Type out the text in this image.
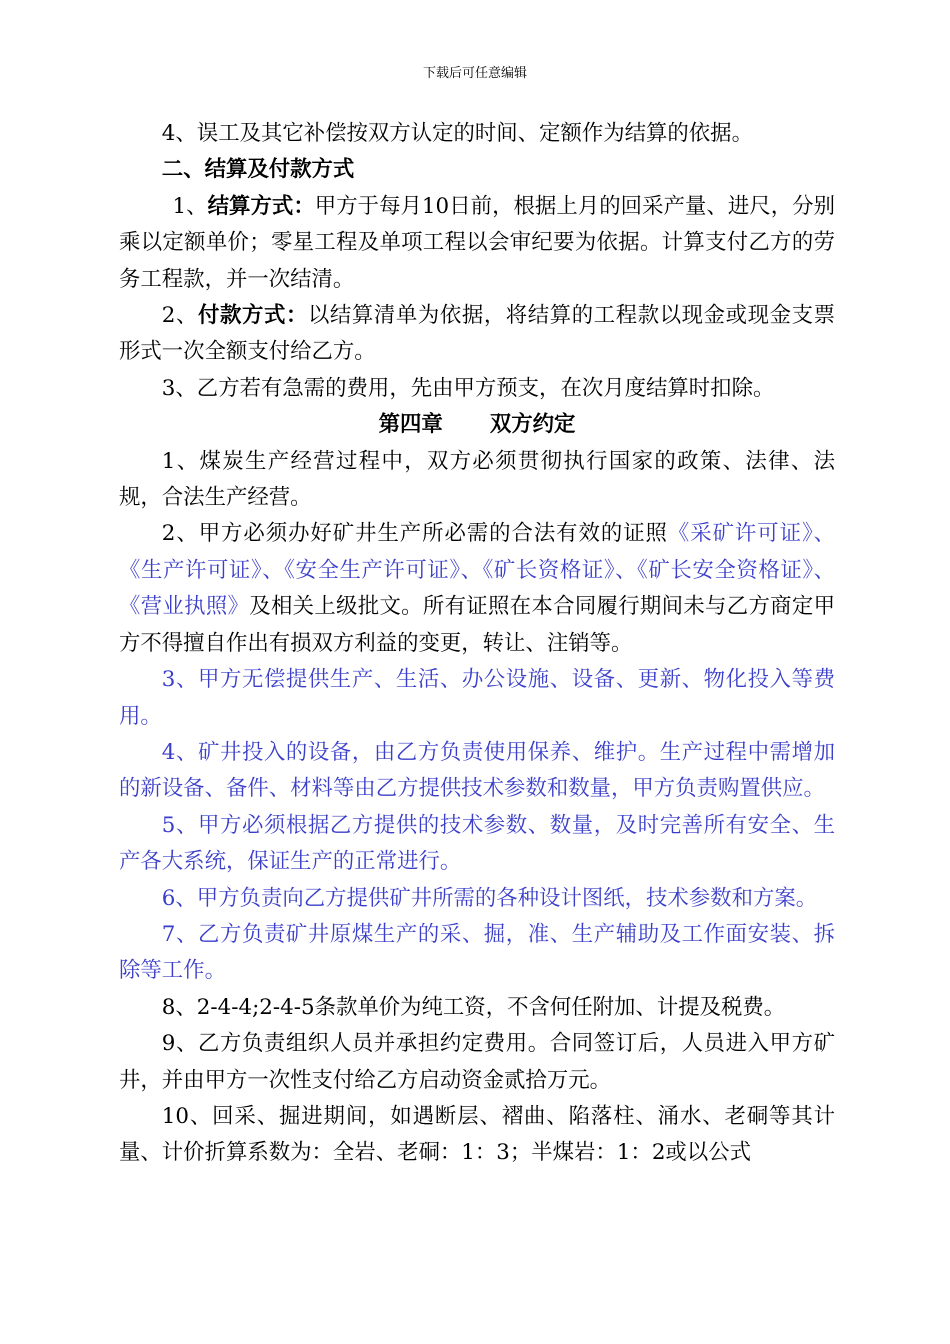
下载后可任意编辑

4、误工及其它补偿按双方认定的时间、定额作为结算的依据。

二、结算及付款方式

1、结算方式：甲方于每月10日前，根据上月的回采产量、进尺，分别乘以定额单价；零星工程及单项工程以会审纪要为依据。计算支付乙方的劳务工程款，并一次结清。

2、付款方式：以结算清单为依据，将结算的工程款以现金或现金支票形式一次全额支付给乙方。

3、乙方若有急需的费用，先由甲方预支，在次月度结算时扣除。

第四章 双方约定

1、煤炭生产经营过程中，双方必须贯彻执行国家的政策、法律、法规，合法生产经营。

2、甲方必须办好矿井生产所必需的合法有效的证照《采矿许可证》、《生产许可证》、《安全生产许可证》、《矿长资格证》、《矿长安全资格证》、《营业执照》及相关上级批文。所有证照在本合同履行期间未与乙方商定甲方不得擅自作出有损双方利益的变更，转让、注销等。

3、甲方无偿提供生产、生活、办公设施、设备、更新、物化投入等费用。

4、矿井投入的设备，由乙方负责使用保养、维护。生产过程中需增加的新设备、备件、材料等由乙方提供技术参数和数量，甲方负责购置供应。

5、甲方必须根据乙方提供的技术参数、数量，及时完善所有安全、生产各大系统，保证生产的正常进行。

6、甲方负责向乙方提供矿井所需的各种设计图纸，技术参数和方案。

7、乙方负责矿井原煤生产的采、掘，准、生产辅助及工作面安装、拆除等工作。

8、2-4-4;2-4-5条款单价为纯工资，不含何任附加、计提及税费。

9、乙方负责组织人员并承担约定费用。合同签订后，人员进入甲方矿井，并由甲方一次性支付给乙方启动资金贰拾万元。

10、回采、掘进期间，如遇断层、褶曲、陷落柱、涌水、老硐等其计量、计价折算系数为：全岩、老硐：1：3；半煤岩：1：2或以公式
